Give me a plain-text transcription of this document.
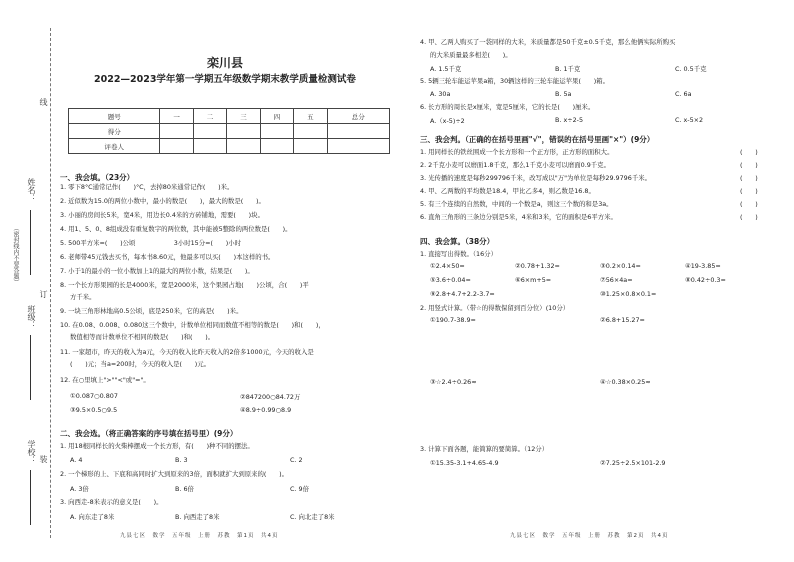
线
订
装
姓名：
班级：
学校：
（密封线内不要答题）
栾川县
2022—2023学年第一学期五年级数学期末教学质量检测试卷
题号	一	二	三	四	五	总分
得分						
评卷人						
一、我会填。（23分）
1. 零下8°C通常记作(　　)°C，去掉80米通常记作(　　)米。
2. 近似数为15.0的两位小数中，最小的数是(　　)，最大的数是(　　)。
3. 小丽的房间长5米，宽4米，用边长0.4米的方砖铺地，需要(　　)块。
4. 用1、5、0、8组成没有重复数字的两位数，其中能被5整除的两位数是(　　)。
5. 500平方米=(　　)公顷　　　　　　3小时15分=(　　)小时
6. 老师带45元钱去买书，每本书8.60元，他最多可以买(　　)本这样的书。
7. 小于1的最小的一位小数加上1的最大的两位小数，结果是(　　)。
8. 一个长方形果园的长是4000米，宽是2000米，这个果园占地(　　)公顷，合(　　)平
方千米。
9. 一块三角形林地高0.5公顷，底是250米，它的高是(　　)米。
10. 在0.08、0.008、0.080这三个数中，计数单位相同而数值不相等的数是(　　)和(　　)，
数值相等而计数单位不相同的数是(　　)和(　　)。
11. 一家超市，昨天的收入为a元，今天的收入比昨天收入的2倍多1000元，今天的收入是
(　　)元；当a=200时，今天的收入是(　　)元。
12. 在○里填上">""<"或"="。
①0.087○0.807	②847200○84.72万
③9.5×0.5○9.5	④8.9÷0.99○8.9
二、我会选。（将正确答案的序号填在括号里）(9分）
1. 用18根同样长的火柴棒摆成一个长方形，有(　　)种不同的摆法。
A. 4	B. 3	C. 2
2. 一个梯形的上、下底和高同时扩大到原来的3倍，面积就扩大到原来的(　　)。
A. 3倍	B. 6倍	C. 9倍
3. 向西走-8米表示的意义是(　　)。
A. 向东走了8米	B. 向西走了8米	C. 向北走了8米
九县七区　数学　五年级　上册　苏教　第1页　共4页
4. 甲、乙两人购买了一袋同样的大米，米质量都是50千克±0.5千克，那么他俩实际所购买
的大米质量最多相差(　　)。
A. 1.5千克	B. 1千克	C. 0.5千克
5. 5辆三轮车能运苹果a箱，30辆这样的三轮车能运苹果(　　)箱。
A. 30a	B. 5a	C. 6a
6. 长方形的周长是x厘米，宽是5厘米，它的长是(　　)厘米。
A.（x-5)÷2	B. x÷2-5	C. x-5×2
三、我会判。（正确的在括号里画"√"，错误的在括号里画"×"）(9分）
1. 用同样长的铁丝围成一个长方形和一个正方形，正方形的面积大。
2. 2千克小麦可以磨面1.8千克，那么1千克小麦可以磨面0.9千克。
3. 光传播的速度是每秒299796千米，改写成以"万"为单位是每秒29.9796千米。
4. 甲、乙两数的平均数是18.4，甲比乙多4，则乙数是16.8。
5. 有三个连续的自然数，中间的一个数是a，则这三个数的和是3a。
6. 直角三角形的三条边分别是5米，4米和3米，它的面积是6平方米。
(　　)
(　　)
(　　)
(　　)
(　　)
(　　)
四、我会算。（38分）
1. 直接写出得数。（16分）
①2.4×50=	②0.78+1.32=	③0.2×0.14=	④19-3.85=
⑤3.6÷0.04=	⑥6×m+5=	⑦56×4a=	⑧0.42÷0.3=
⑨2.8+4.7+2.2-3.7=	⑩1.25×0.8×0.1=
2. 用竖式计算。（带☆的得数保留到百分位）(10分）
①190.7-38.9=	②6.8+15.27=
③☆2.4÷0.26≈	④☆0.38×0.25≈
3. 计算下面各题，能简算的要简算。（12分）
①15.35-3.1+4.65-4.9	②7.25÷2.5×101-2.9
九县七区　数学　五年级　上册　苏教　第2页　共4页
